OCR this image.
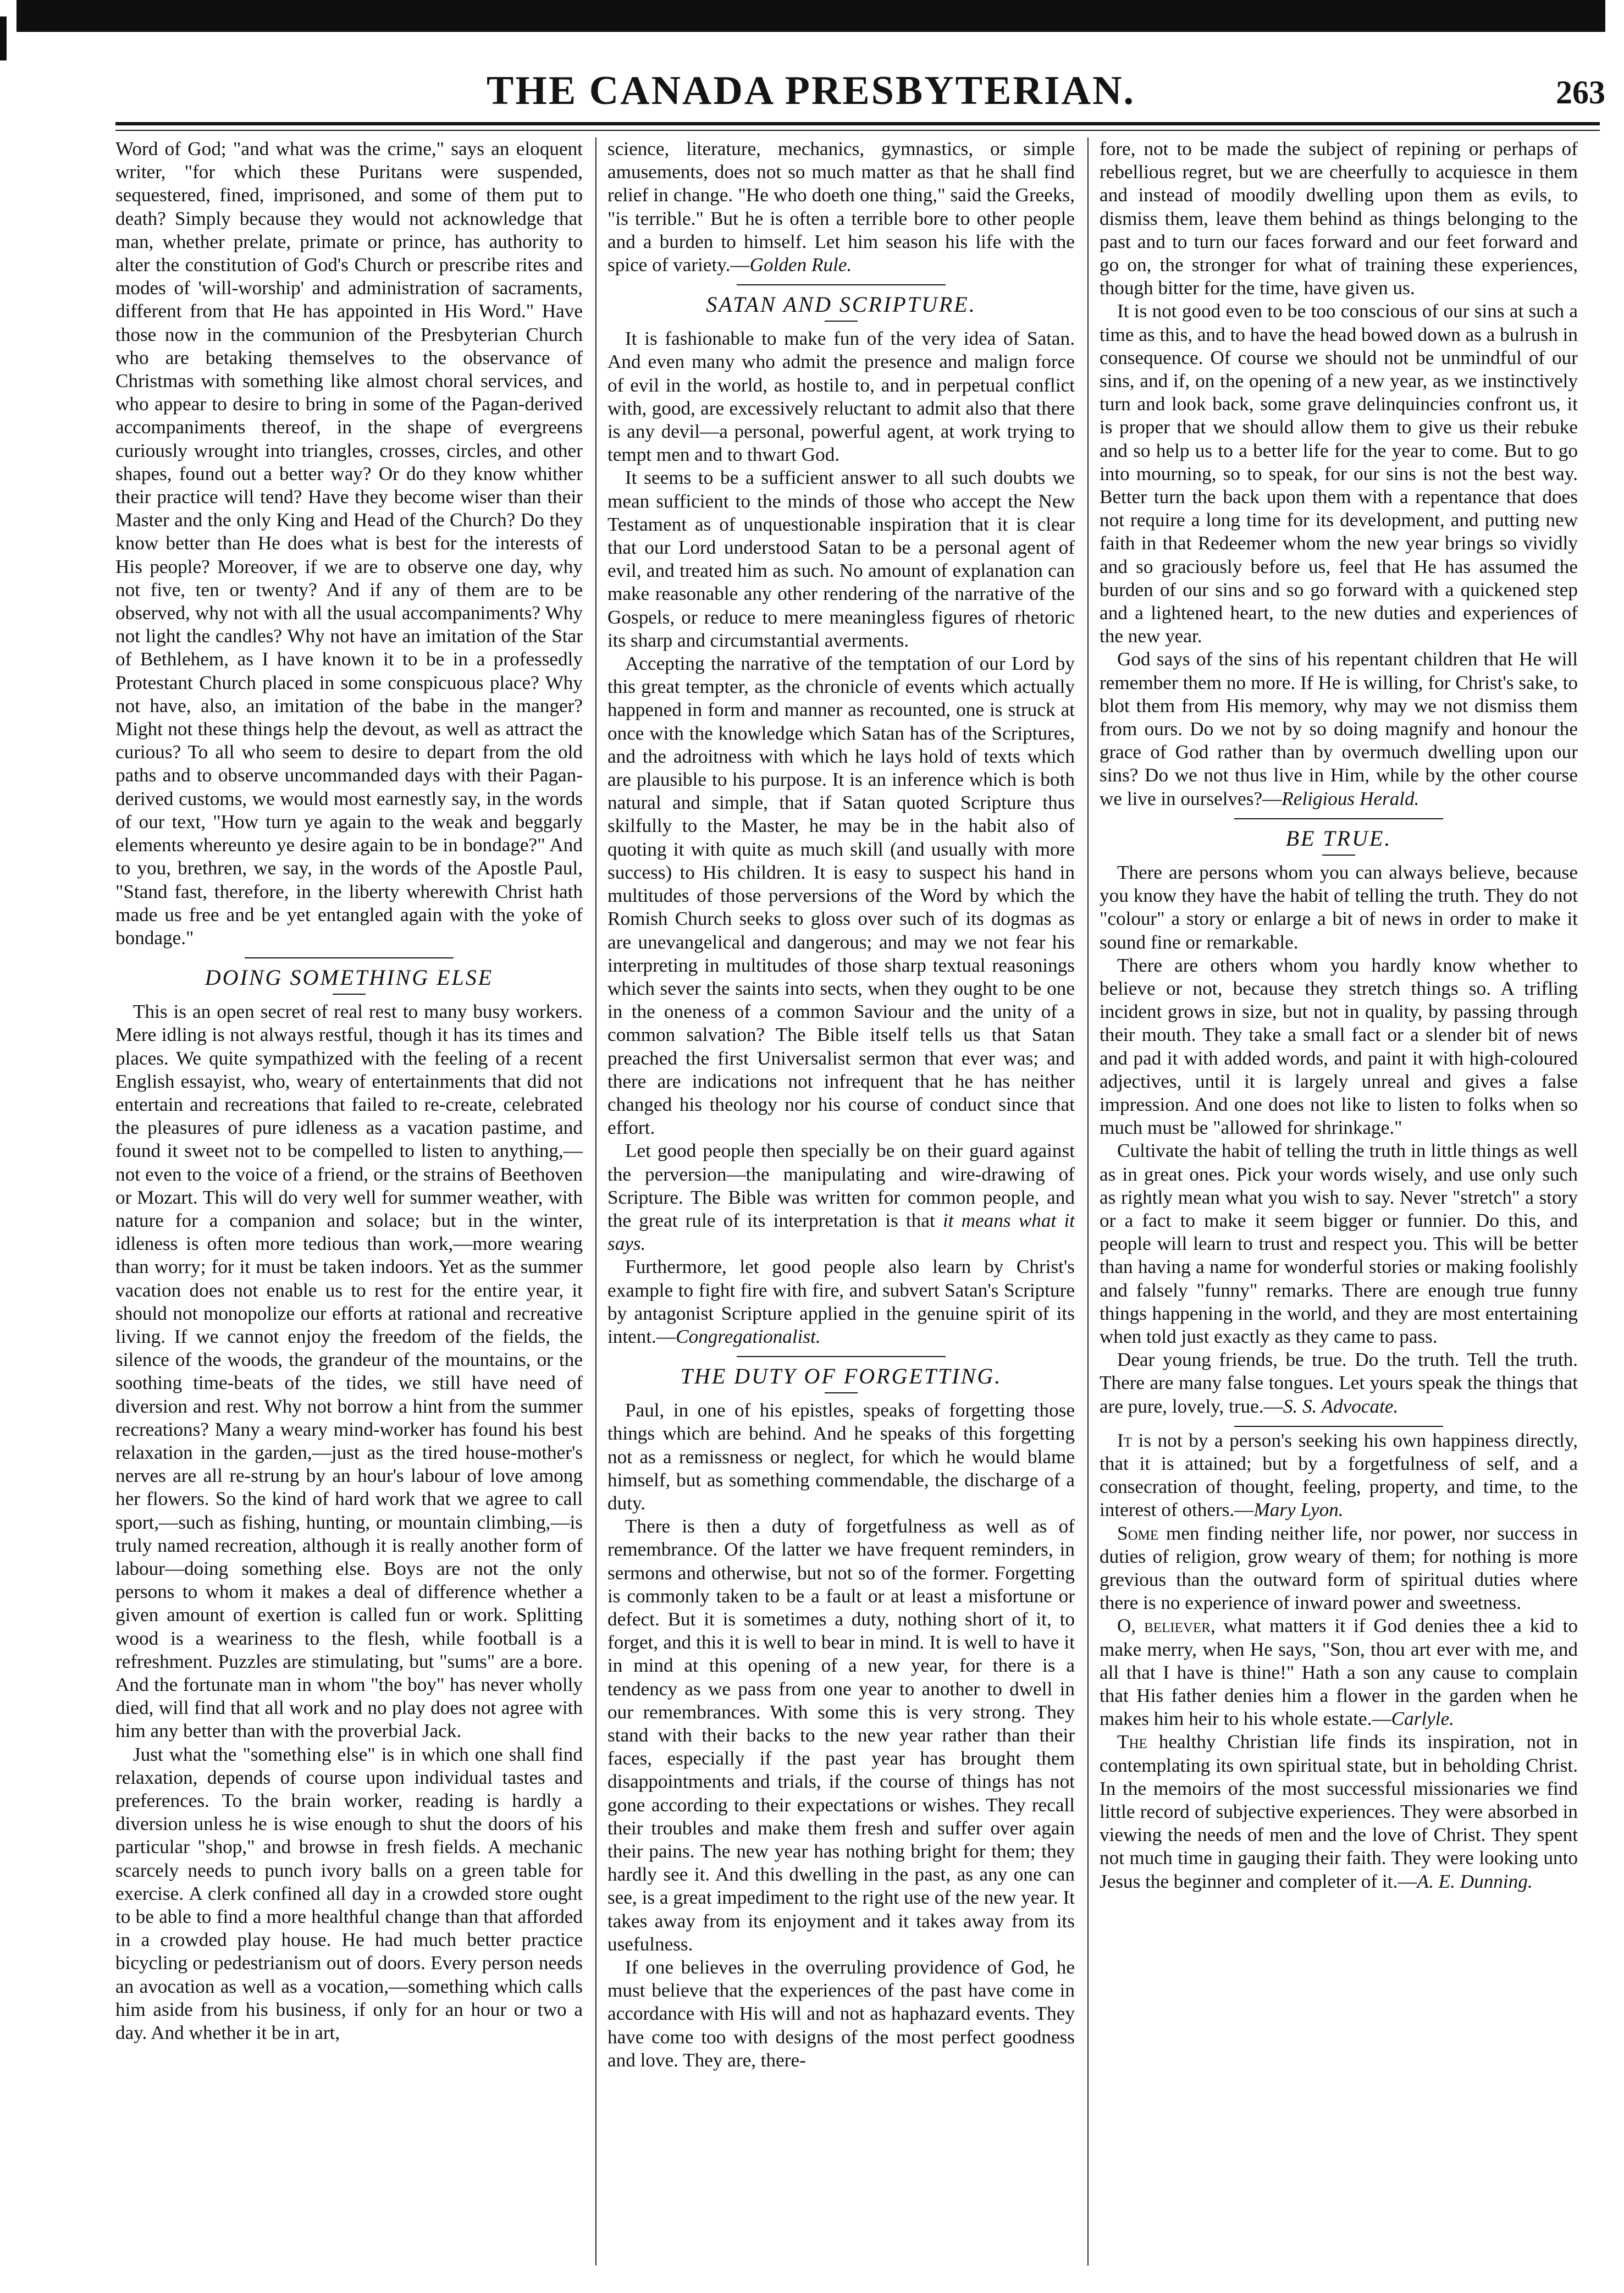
THE CANADA PRESBYTERIAN.	263

Word of God; "and what was the crime," says an eloquent writer, "for which these Puritans were suspended, sequestered, fined, imprisoned, and some of them put to death? Simply because they would not acknowledge that man, whether prelate, primate or prince, has authority to alter the constitution of God's Church or prescribe rites and modes of 'will-worship' and administration of sacraments, different from that He has appointed in His Word." Have those now in the communion of the Presbyterian Church who are betaking themselves to the observance of Christmas with something like almost choral services, and who appear to desire to bring in some of the Pagan-derived accompaniments thereof, in the shape of evergreens curiously wrought into triangles, crosses, circles, and other shapes, found out a better way? Or do they know whither their practice will tend? Have they become wiser than their Master and the only King and Head of the Church? Do they know better than He does what is best for the interests of His people? Moreover, if we are to observe one day, why not five, ten or twenty? And if any of them are to be observed, why not with all the usual accompaniments? Why not light the candles? Why not have an imitation of the Star of Bethlehem, as I have known it to be in a professedly Protestant Church placed in some conspicuous place? Why not have, also, an imitation of the babe in the manger? Might not these things help the devout, as well as attract the curious? To all who seem to desire to depart from the old paths and to observe uncommanded days with their Pagan-derived customs, we would most earnestly say, in the words of our text, "How turn ye again to the weak and beggarly elements whereunto ye desire again to be in bondage?" And to you, brethren, we say, in the words of the Apostle Paul, "Stand fast, therefore, in the liberty wherewith Christ hath made us free and be yet entangled again with the yoke of bondage."

DOING SOMETHING ELSE

This is an open secret of real rest to many busy workers. Mere idling is not always restful, though it has its times and places. We quite sympathized with the feeling of a recent English essayist, who, weary of entertainments that did not entertain and recreations that failed to re-create, celebrated the pleasures of pure idleness as a vacation pastime, and found it sweet not to be compelled to listen to anything,—not even to the voice of a friend, or the strains of Beethoven or Mozart. This will do very well for summer weather, with nature for a companion and solace; but in the winter, idleness is often more tedious than work,—more wearing than worry; for it must be taken indoors. Yet as the summer vacation does not enable us to rest for the entire year, it should not monopolize our efforts at rational and recreative living. If we cannot enjoy the freedom of the fields, the silence of the woods, the grandeur of the mountains, or the soothing time-beats of the tides, we still have need of diversion and rest. Why not borrow a hint from the summer recreations? Many a weary mind-worker has found his best relaxation in the garden,—just as the tired house-mother's nerves are all re-strung by an hour's labour of love among her flowers. So the kind of hard work that we agree to call sport,—such as fishing, hunting, or mountain climbing,—is truly named recreation, although it is really another form of labour—doing something else. Boys are not the only persons to whom it makes a deal of difference whether a given amount of exertion is called fun or work. Splitting wood is a weariness to the flesh, while football is a refreshment. Puzzles are stimulating, but "sums" are a bore. And the fortunate man in whom "the boy" has never wholly died, will find that all work and no play does not agree with him any better than with the proverbial Jack.

Just what the "something else" is in which one shall find relaxation, depends of course upon individual tastes and preferences. To the brain worker, reading is hardly a diversion unless he is wise enough to shut the doors of his particular "shop," and browse in fresh fields. A mechanic scarcely needs to punch ivory balls on a green table for exercise. A clerk confined all day in a crowded store ought to be able to find a more healthful change than that afforded in a crowded play house. He had much better practice bicycling or pedestrianism out of doors. Every person needs an avocation as well as a vocation,—something which calls him aside from his business, if only for an hour or two a day. And whether it be in art,

science, literature, mechanics, gymnastics, or simple amusements, does not so much matter as that he shall find relief in change. "He who doeth one thing," said the Greeks, "is terrible." But he is often a terrible bore to other people and a burden to himself. Let him season his life with the spice of variety.—Golden Rule.

SATAN AND SCRIPTURE.

It is fashionable to make fun of the very idea of Satan. And even many who admit the presence and malign force of evil in the world, as hostile to, and in perpetual conflict with, good, are excessively reluctant to admit also that there is any devil—a personal, powerful agent, at work trying to tempt men and to thwart God.

It seems to be a sufficient answer to all such doubts we mean sufficient to the minds of those who accept the New Testament as of unquestionable inspiration that it is clear that our Lord understood Satan to be a personal agent of evil, and treated him as such. No amount of explanation can make reasonable any other rendering of the narrative of the Gospels, or reduce to mere meaningless figures of rhetoric its sharp and circumstantial averments.

Accepting the narrative of the temptation of our Lord by this great tempter, as the chronicle of events which actually happened in form and manner as recounted, one is struck at once with the knowledge which Satan has of the Scriptures, and the adroitness with which he lays hold of texts which are plausible to his purpose. It is an inference which is both natural and simple, that if Satan quoted Scripture thus skilfully to the Master, he may be in the habit also of quoting it with quite as much skill (and usually with more success) to His children. It is easy to suspect his hand in multitudes of those perversions of the Word by which the Romish Church seeks to gloss over such of its dogmas as are unevangelical and dangerous; and may we not fear his interpreting in multitudes of those sharp textual reasonings which sever the saints into sects, when they ought to be one in the oneness of a common Saviour and the unity of a common salvation? The Bible itself tells us that Satan preached the first Universalist sermon that ever was; and there are indications not infrequent that he has neither changed his theology nor his course of conduct since that effort.

Let good people then specially be on their guard against the perversion—the manipulating and wire-drawing of Scripture. The Bible was written for common people, and the great rule of its interpretation is that it means what it says.

Furthermore, let good people also learn by Christ's example to fight fire with fire, and subvert Satan's Scripture by antagonist Scripture applied in the genuine spirit of its intent.—Congregationalist.

THE DUTY OF FORGETTING.

Paul, in one of his epistles, speaks of forgetting those things which are behind. And he speaks of this forgetting not as a remissness or neglect, for which he would blame himself, but as something commendable, the discharge of a duty.

There is then a duty of forgetfulness as well as of remembrance. Of the latter we have frequent reminders, in sermons and otherwise, but not so of the former. Forgetting is commonly taken to be a fault or at least a misfortune or defect. But it is sometimes a duty, nothing short of it, to forget, and this it is well to bear in mind. It is well to have it in mind at this opening of a new year, for there is a tendency as we pass from one year to another to dwell in our remembrances. With some this is very strong. They stand with their backs to the new year rather than their faces, especially if the past year has brought them disappointments and trials, if the course of things has not gone according to their expectations or wishes. They recall their troubles and make them fresh and suffer over again their pains. The new year has nothing bright for them; they hardly see it. And this dwelling in the past, as any one can see, is a great impediment to the right use of the new year. It takes away from its enjoyment and it takes away from its usefulness.

If one believes in the overruling providence of God, he must believe that the experiences of the past have come in accordance with His will and not as haphazard events. They have come too with designs of the most perfect goodness and love. They are, there-

fore, not to be made the subject of repining or perhaps of rebellious regret, but we are cheerfully to acquiesce in them and instead of moodily dwelling upon them as evils, to dismiss them, leave them behind as things belonging to the past and to turn our faces forward and our feet forward and go on, the stronger for what of training these experiences, though bitter for the time, have given us.

It is not good even to be too conscious of our sins at such a time as this, and to have the head bowed down as a bulrush in consequence. Of course we should not be unmindful of our sins, and if, on the opening of a new year, as we instinctively turn and look back, some grave delinquincies confront us, it is proper that we should allow them to give us their rebuke and so help us to a better life for the year to come. But to go into mourning, so to speak, for our sins is not the best way. Better turn the back upon them with a repentance that does not require a long time for its development, and putting new faith in that Redeemer whom the new year brings so vividly and so graciously before us, feel that He has assumed the burden of our sins and so go forward with a quickened step and a lightened heart, to the new duties and experiences of the new year.

God says of the sins of his repentant children that He will remember them no more. If He is willing, for Christ's sake, to blot them from His memory, why may we not dismiss them from ours. Do we not by so doing magnify and honour the grace of God rather than by overmuch dwelling upon our sins? Do we not thus live in Him, while by the other course we live in ourselves?—Religious Herald.

BE TRUE.

There are persons whom you can always believe, because you know they have the habit of telling the truth. They do not "colour" a story or enlarge a bit of news in order to make it sound fine or remarkable.

There are others whom you hardly know whether to believe or not, because they stretch things so. A trifling incident grows in size, but not in quality, by passing through their mouth. They take a small fact or a slender bit of news and pad it with added words, and paint it with high-coloured adjectives, until it is largely unreal and gives a false impression. And one does not like to listen to folks when so much must be "allowed for shrinkage."

Cultivate the habit of telling the truth in little things as well as in great ones. Pick your words wisely, and use only such as rightly mean what you wish to say. Never "stretch" a story or a fact to make it seem bigger or funnier. Do this, and people will learn to trust and respect you. This will be better than having a name for wonderful stories or making foolishly and falsely "funny" remarks. There are enough true funny things happening in the world, and they are most entertaining when told just exactly as they came to pass.

Dear young friends, be true. Do the truth. Tell the truth. There are many false tongues. Let yours speak the things that are pure, lovely, true.—S. S. Advocate.

It is not by a person's seeking his own happiness directly, that it is attained; but by a forgetfulness of self, and a consecration of thought, feeling, property, and time, to the interest of others.—Mary Lyon.

Some men finding neither life, nor power, nor success in duties of religion, grow weary of them; for nothing is more grevious than the outward form of spiritual duties where there is no experience of inward power and sweetness.

O, believer, what matters it if God denies thee a kid to make merry, when He says, "Son, thou art ever with me, and all that I have is thine!" Hath a son any cause to complain that His father denies him a flower in the garden when he makes him heir to his whole estate.—Carlyle.

The healthy Christian life finds its inspiration, not in contemplating its own spiritual state, but in beholding Christ. In the memoirs of the most successful missionaries we find little record of subjective experiences. They were absorbed in viewing the needs of men and the love of Christ. They spent not much time in gauging their faith. They were looking unto Jesus the beginner and completer of it.—A. E. Dunning.
